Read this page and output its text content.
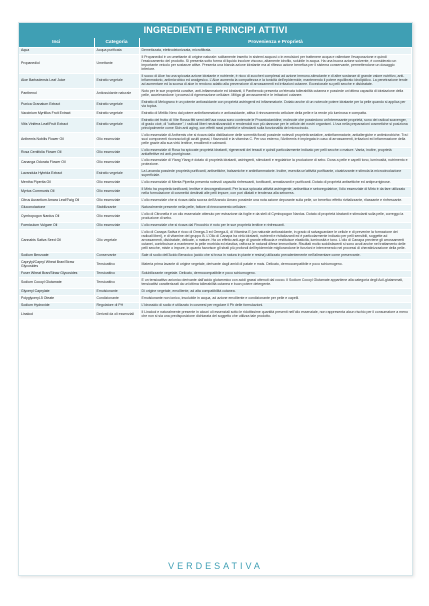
INGREDIENTI E PRINCIPI ATTIVI
Inci	Categoria	Provenienza e Proprietà
Aqua	Acqua purificata	Demetizzata, elettrodeionizzata, microfiltrata.
Propanediol	Umettante	Il Propanediol è un umettante di origine naturale: solitamente inserito in sistemi acquosi o in emulsioni per trattenere acqua e rallentare l'evaporazione e quindi l'essiccamento del prodotto. Si presenta sotto forma di liquido incolore viscoso, altamente idrofilo, solubile in acqua. Ha una buona azione solvente, è considerato un importante veicolo per sostanze attive. Presenta una blanda azione idratante ma al riflesso azione benefica per il sistema conservante, permettendone un dosaggio inferiore.
Aloe Barbadensis Leaf Juice	Estratto vegetale	Il succo di Aloe ha una spiccata azione idratante e nutriente, è ricco di zuccheri complessi ad azione immuno-stimolante e di altre sostanze di grande valore nutritivo, anti-infiammatorio, antimicrobico ed analgesico. L'Aloe aumenta la compattezza e la tonicità dell'epidermide, mantenendo il potere equilibrato idrolipidico. La penetrazione tende ad aumentare ed la scorsa di aloe in rendono adatto alla prevenzione di arrossamenti ed irritazioni cutanee. Eccezionale su pelli secche e disidratate.
Panthenol	Antiossidante naturale	Noto per le sue proprietà curative, anti-infiammatorie ed idratanti, il Panthenolo presenta un'elevata tollerabilità cutanea e possiede un'ottima capacità di idratazione della pelle, accelerandone i processi di rigenerazione cellulare. Mitiga gli arrossamenti e le irritazioni cutanee.
Punica Granatum Extract	Estratto vegetale	Estratto di Melograno è un potente antiossidante con proprietà astringenti ed infiammatorie. Dotato anche di un notevole potere idratante per la pelle quando si applica per via topica.
Vaccinium Myrtillus Fruit Extract	Estratto vegetale	Estratto di Mirtillo Nero dal potere antinfiammatorio e antiossidante, attiva il rinnovamento cellulare della pelle e la rende più luminosa e compatta.
Vitis Vinifera Leaf/Fruit Extract	Estratto vegetale	Estratto del frutto di Vite Rossa fitti semi dell'uva rossa sono contenute le Proantocianidine, molecole che possiedono un'interessante proprietà, sono dei radical scavenger, di grado cioè, di "catturare", i radicali liberi neutralizzandoli e rendendoli non più dannose per le cellule dei nostri organismi. L'uva nella preparazioni cosmetiche si posiziona principalmente come Skin anti aging, con effetti rassi protettivi e stimolanti sulla funzionalità del microcircolo.
Anthemis Nobilis Flower Oil	Olio essenziale	L'olio essenziale di Anthemis che si ricava dalla distillazione delle sommità fiorali possiede notevoli proprietà sedative, antinfiammatorie, antiallergiche e antimicrobiche. Tra i suoi componenti riconosciuti gli azulti grassi, i flavonoidi e la vitamina C. Per uso esterno, l'Anthemis è impiegata in caso di arrossamenti, irritazioni ed infiammazione della pelle grazie alla sua virtù lenitive, emollienti e calmanti.
Rosa Centifolia Flower Oil	Olio essenziale	L'olio essenziale di Rosa ha spiccate proprietà idratanti, rigeneranti dei tessuti e quindi particolarmente indicato per pelli secche o mature. Vanta, inoltre, proprietà antiaffettive ed anti-prurriginose.
Cananga Odorata Flower Oil	Olio essenziale	L'olio essenziale di Ylang Ylang è dotato di proprietà idratanti, astringenti, stimolanti e regolatrice la produzione di sebo. Dona a pelle e capelli tono, luminosità, nutrimento e protezione.
Lavandula Hybrida Extract	Estratto vegetale	La Lavanda possiede proprietà purificanti, antisettiche, balsamiche e antinfiammatorie. Inoltre, esercita un'attività purificante, cicatrizzante e stimola la microcircolazione superficiale.
Mentha Piperita Oil	Olio essenziale	L'olio essenziale di Menta Piperita presenta notevoli capacità rinfrescanti, tonificanti, armatizzanti e purificanti. Dotato di proprietà antisettiche ed antiprurriginose.
Myrtus Communis Oil	Olio essenziale	Il Mirto ha proprietà tonificanti, lenitive e decongestionanti. Per la sua spiccata attività astringente, antisettica e seboregolatrice, l'olio essenziale di Mirto è da fare utilizzato nella formulazione di cosmetici destinati alle pelli impure, con pori dilatati e tendenza alla seborrea.
Citrus Aurantium Amara Leaf/Twig Oil	Olio essenziale	L'olio essenziale che si ricava dalla scorza dell'Arancio Amaro possiede una nota azione depurante sulla pelle, un benefico effetto rivitalizzante, rilassante e rinfrescante.
Gluconolactone	Stabilizzante	Naturalmente presente nella pelle, fattore di rinnovamento cellulare.
Cymbopogon Nardus Oil	Olio essenziale	L'olio di Citronella è un olio essenziale ottenuto per estrazione da foglie e da steli di Cymbopogon Nardus. Dotato di proprietà idratanti e stimolanti sulla pelle, correggo la produzione di sebo.
Foeniculum Vulgare Oil	Olio essenziale	L'olio essenziale che si ricava dal Finocchio è noto per le sue proprietà lenitive e rinfrescanti.
Cannabis Sativa Seed Oil	Olio vegetale	L'olio di Canapa Sativa è ricco di Omega-3 ed Omega-6, di Vitamina E (un naturale antiossidante, in grado di salvaguardare le cellule e di prevenire la formazione dei radicali liberi), e di vitamine del gruppo B. L'Olio di Canapa ha virtù idratanti, nutrienti e rivitalizzanti ed è particolarmente indicato per pelli sensibili, soggette ad arrossamenti, disidratate, delicate, o mature. Ha un effetto anti-age di grande efficacia e restituisce elasticità, luminosità e tono. L'olio di Canapa previene gli arrossamenti cutanei, contribuisce a mantenere la pelle morbida ed elastica, rafforza le naturali difese immunitarie. Risultati molto soddisfacenti si sono avuti anche nel trattamento delle pelli secche, miste o impure, in quanto favorisce gli strati più profondi dell'epidermide migliorandone le funzioni e intervenendo nei processi di cheratinizzazione della pelle.
Sodium Benzoate	Conservante	Sale di sodio dell'Acido Benzoico (acido che si trova in natura in piante e resina) utilizzato prevalentemente nell'alimentare come preservante.
Caprylyl/Capryl Wheat Bran/Straw Glycosides	Tensioattivo	Materia prima lavante di origine vegetale, derivante dagli amidi di patate e mais. Delicato, dermocompatibile e poco schiumogeno.
Fuser Wheat Bran/Straw Glycosides	Tensioattivo	Solubilizzante vegetale. Delicato, dermocompatibile e poco schiumogeno.
Sodium Cocoyl Glutamate	Tensioattivo	E un tensioattivo anionico derivante dall'acido glutammico con acidi grassi ottenuti dal cocco. Il Sodium Cocoyl Glutamate appartiene alla categoria degli Acil-glutammati, tensioattivi caratterizzati da un'ottima tollerabilità cutanea e buon potere detergente.
Glyceryl Caprylate	Emulsionante	Di origine vegetale, emolliente, ad alta compatibilità cutanea.
Polyglyceryl-5 Oleate	Condizionante	Emulsionante non ionico, insolubile in acqua, ad azione emolliente e condizionante per pelle e capelli.
Sodium Hydroxide	Regolatore di PH	L'Idrossido di sodio è utilizzato in cosmesi per regolare il Ph delle formulazioni.
Linalool	Derivati da oli essenziali	Il Linalool e naturalmente presente in alcuni oli essenziali sotto le ridottissime quantità presenti nell'olio essenziale, non rappresenta alcun rischio per il consumatore a meno che non si sia una predisposizione dichiarata del soggetto che utilizza tale prodotto.
VERDESATIVA
